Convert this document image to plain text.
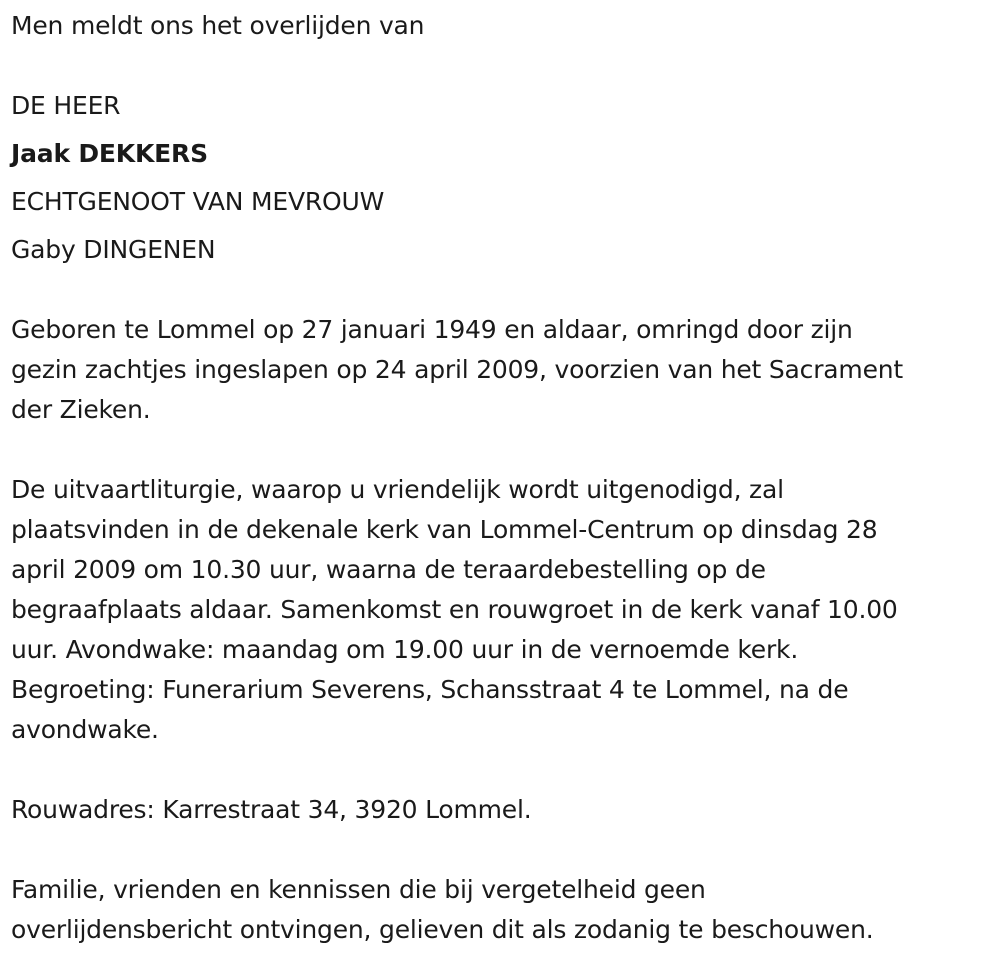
Men meldt ons het overlijden van

DE HEER

Jaak DEKKERS

ECHTGENOOT VAN MEVROUW

Gaby DINGENEN

Geboren te Lommel op 27 januari 1949 en aldaar, omringd door zijn
gezin zachtjes ingeslapen op 24 april 2009, voorzien van het Sacrament
der Zieken.

De uitvaartliturgie, waarop u vriendelijk wordt uitgenodigd, zal
plaatsvinden in de dekenale kerk van Lommel-Centrum op dinsdag 28
april 2009 om 10.30 uur, waarna de teraardebestelling op de
begraafplaats aldaar. Samenkomst en rouwgroet in de kerk vanaf 10.00
uur. Avondwake: maandag om 19.00 uur in de vernoemde kerk.
Begroeting: Funerarium Severens, Schansstraat 4 te Lommel, na de
avondwake.

Rouwadres: Karrestraat 34, 3920 Lommel.

Familie, vrienden en kennissen die bij vergetelheid geen
overlijdensbericht ontvingen, gelieven dit als zodanig te beschouwen.
